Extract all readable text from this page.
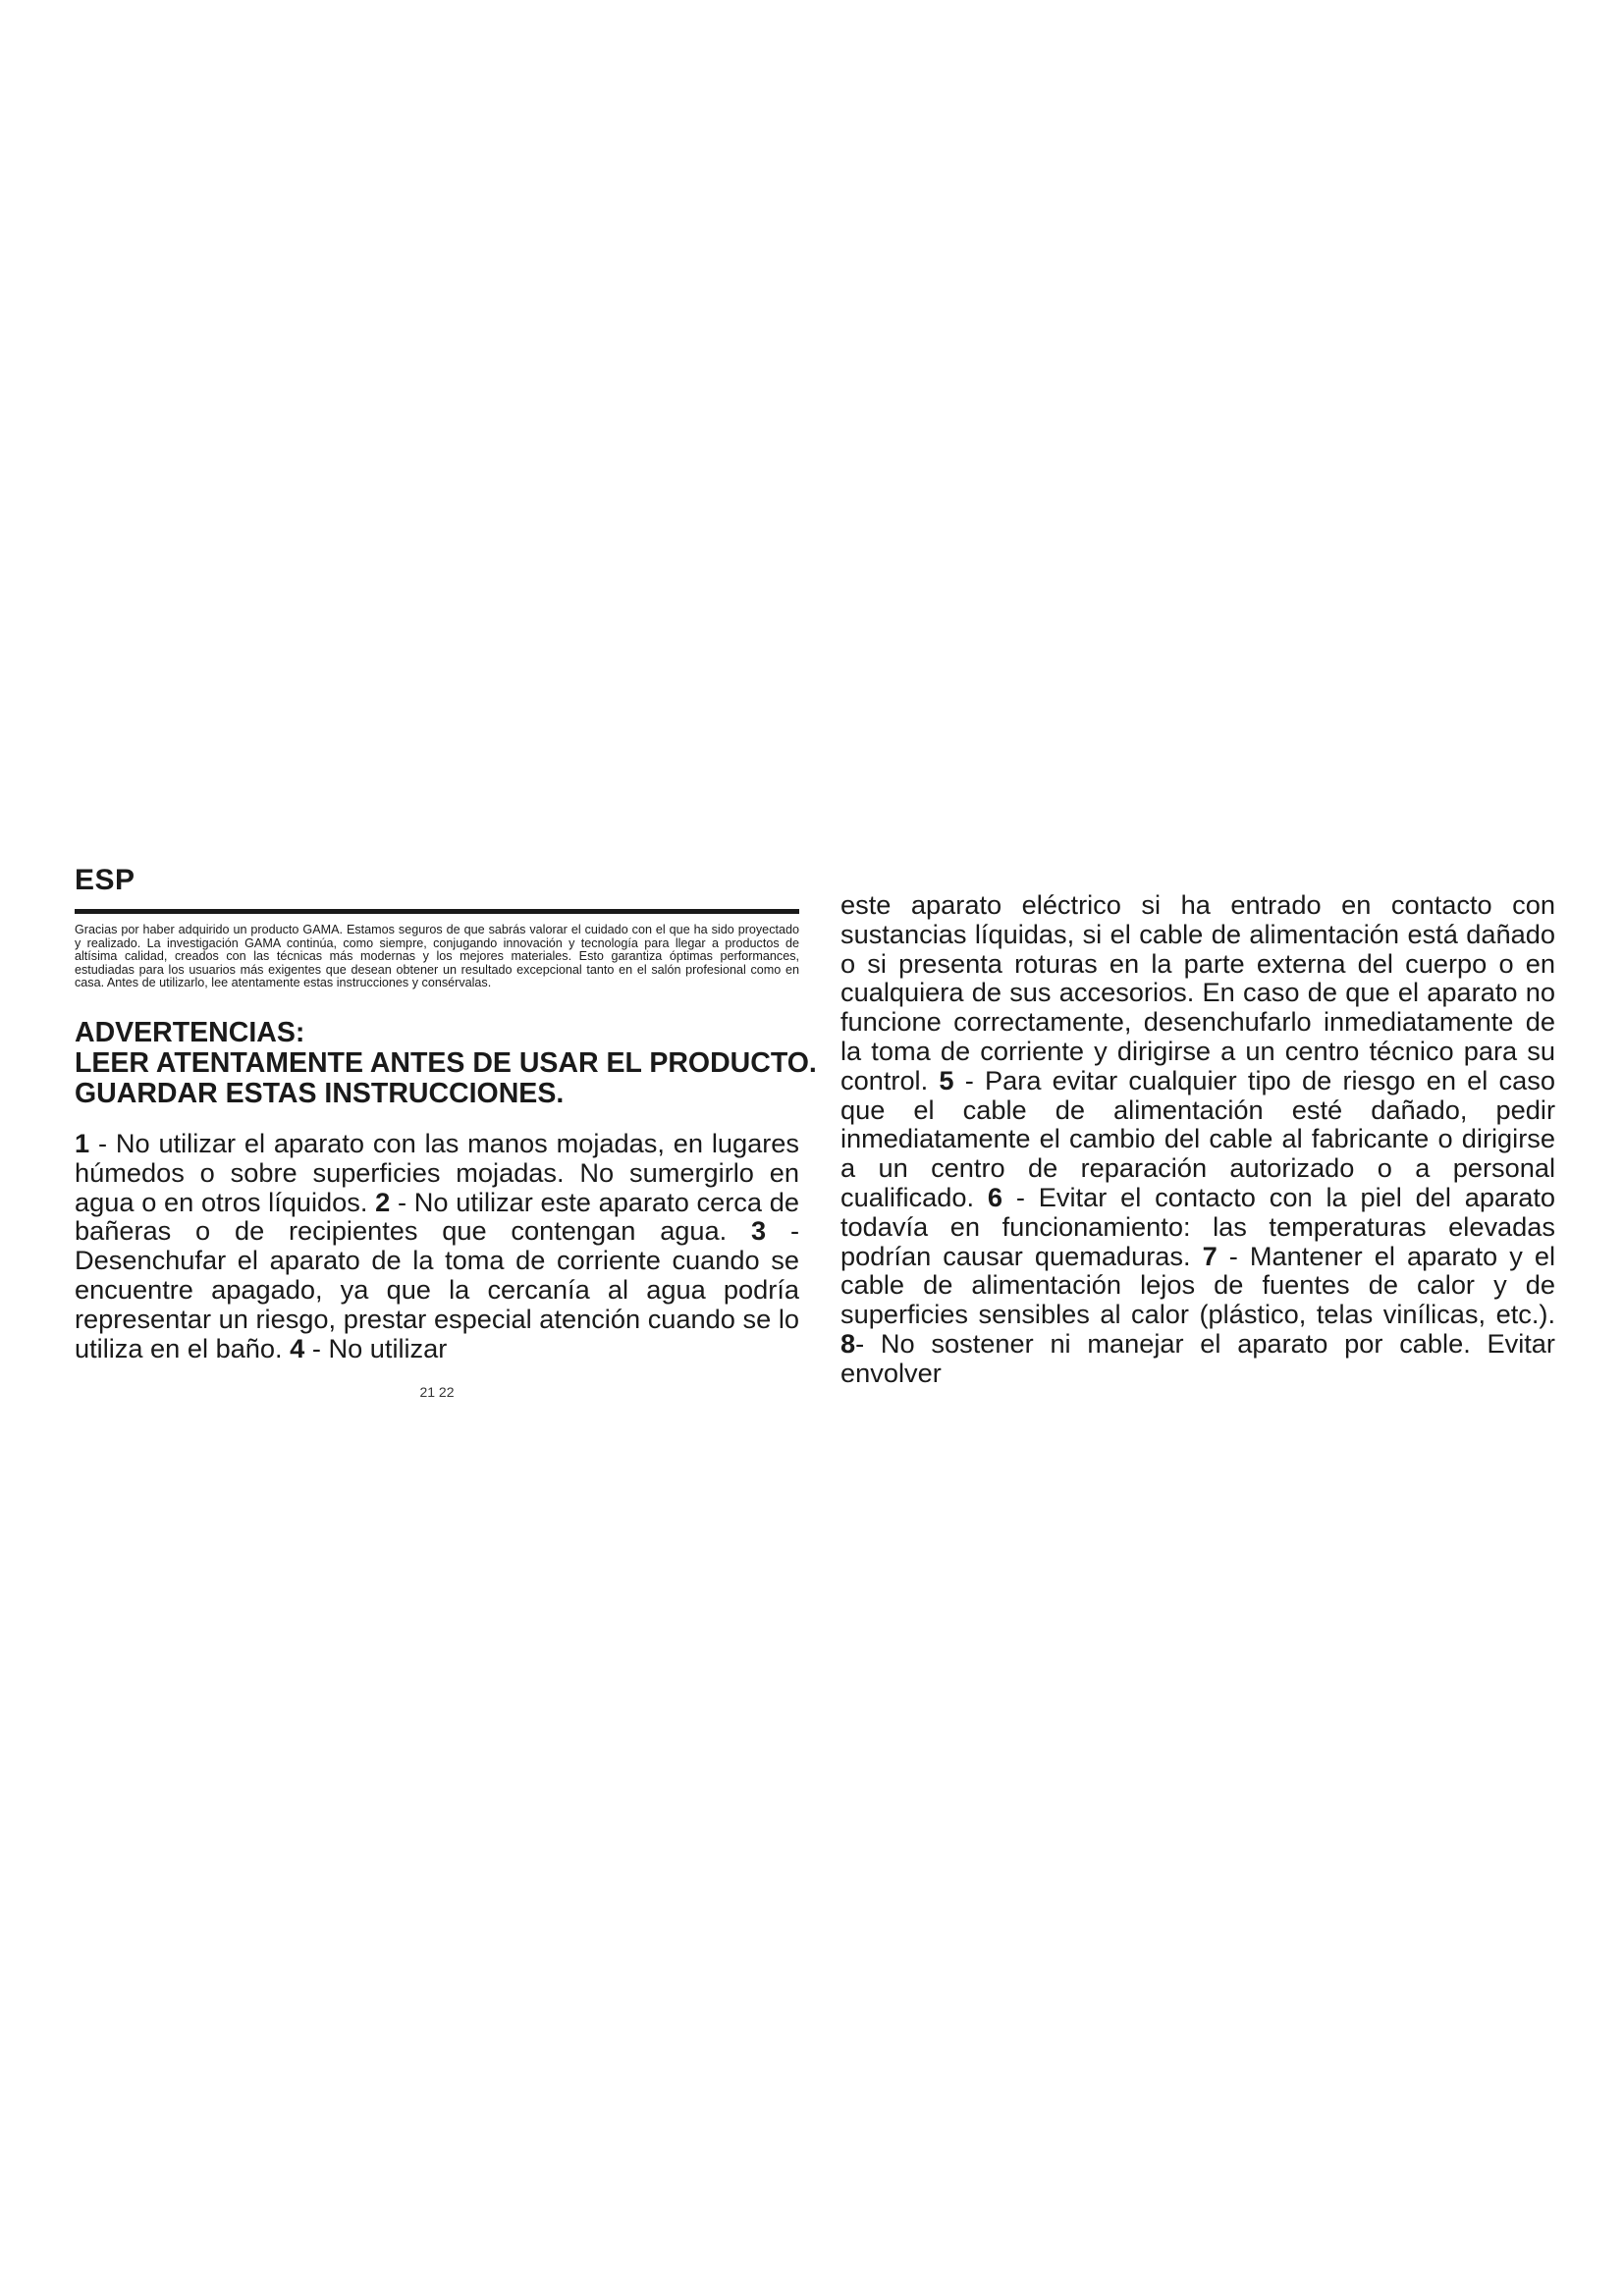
ESP

Gracias por haber adquirido un producto GAMA. Estamos seguros de que sabrás valorar el cuidado con el que ha sido proyectado y realizado. La investigación GAMA continúa, como siempre, conjugando innovación y tecnología para llegar a productos de altísima calidad, creados con las técnicas más modernas y los mejores materiales. Esto garantiza óptimas performances, estudiadas para los usuarios más exigentes que desean obtener un resultado excepcional tanto en el salón profesional como en casa. Antes de utilizarlo, lee atentamente estas instrucciones y consérvalas.

ADVERTENCIAS:

LEER ATENTAMENTE ANTES DE USAR EL PRODUCTO.

GUARDAR ESTAS INSTRUCCIONES.

1 - No utilizar el aparato con las manos mojadas, en lugares húmedos o sobre superficies mojadas. No sumergirlo en agua o en otros líquidos. 2 - No utilizar este aparato cerca de bañeras o de recipientes que contengan agua. 3 - Desenchufar el aparato de la toma de corriente cuando se encuentre apagado, ya que la cercanía al agua podría representar un riesgo, prestar especial atención cuando se lo utiliza en el baño. 4 - No utilizar
21 22
este aparato eléctrico si ha entrado en contacto con sustancias líquidas, si el cable de alimentación está dañado o si presenta roturas en la parte externa del cuerpo o en cualquiera de sus accesorios. En caso de que el aparato no funcione correctamente, desenchufarlo inmediatamente de la toma de corriente y dirigirse a un centro técnico para su control. 5 - Para evitar cualquier tipo de riesgo en el caso que el cable de alimentación esté dañado, pedir inmediatamente el cambio del cable al fabricante o dirigirse a un centro de reparación autorizado o a personal cualificado. 6 - Evitar el contacto con la piel del aparato todavía en funcionamiento: las temperaturas elevadas podrían causar quemaduras. 7 - Mantener el aparato y el cable de alimentación lejos de fuentes de calor y de superficies sensibles al calor (plástico, telas vinílicas, etc.). 8- No sostener ni manejar el aparato por cable. Evitar envolver
